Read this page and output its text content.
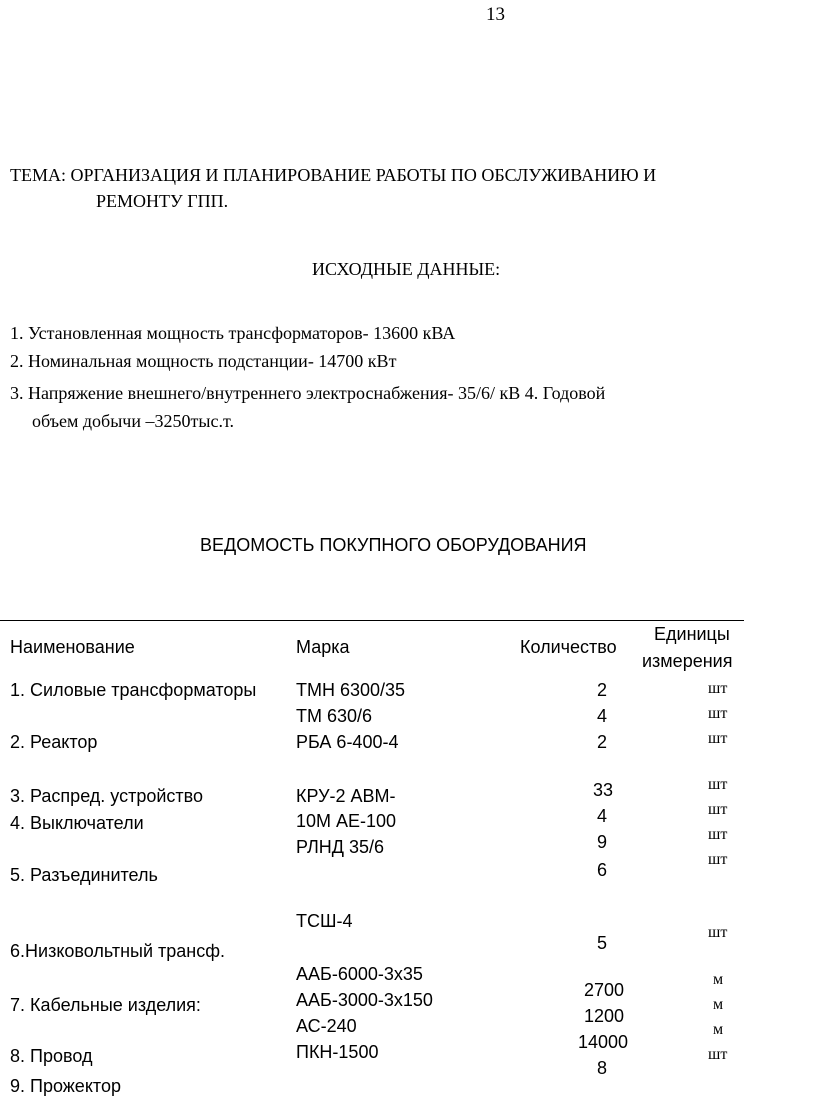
13
ТЕМА: ОРГАНИЗАЦИЯ И ПЛАНИРОВАНИЕ РАБОТЫ ПО ОБСЛУЖИВАНИЮ И
РЕМОНТУ ГПП.
ИСХОДНЫЕ ДАННЫЕ:
1. Установленная мощность трансформаторов- 13600 кВА
2. Номинальная мощность подстанции- 14700 кВт
3. Напряжение внешнего/внутреннего электроснабжения- 35/6/ кВ 4. Годовой
объем добычи –3250тыс.т.
ВЕДОМОСТЬ ПОКУПНОГО ОБОРУДОВАНИЯ
Наименование	Марка	Количество
Единицы
измерения
1. Силовые трансформаторы
2. Реактор
3. Распред. устройство
4. Выключатели
5. Разъединитель
6.Низковольтный трансф.
7. Кабельные изделия:
8. Провод
9. Прожектор
ТМН 6300/35
ТМ 630/6
РБА 6-400-4
КРУ-2 АВМ-
10М АЕ-100
РЛНД 35/6
ТСШ-4
ААБ-6000-3х35
ААБ-3000-3х150
АС-240
ПКН-1500
2
4
2
33
4
9
6
5
2700
1200
14000
8
шт
шт
шт
шт
шт
шт
шт
шт
м
м
м
шт
